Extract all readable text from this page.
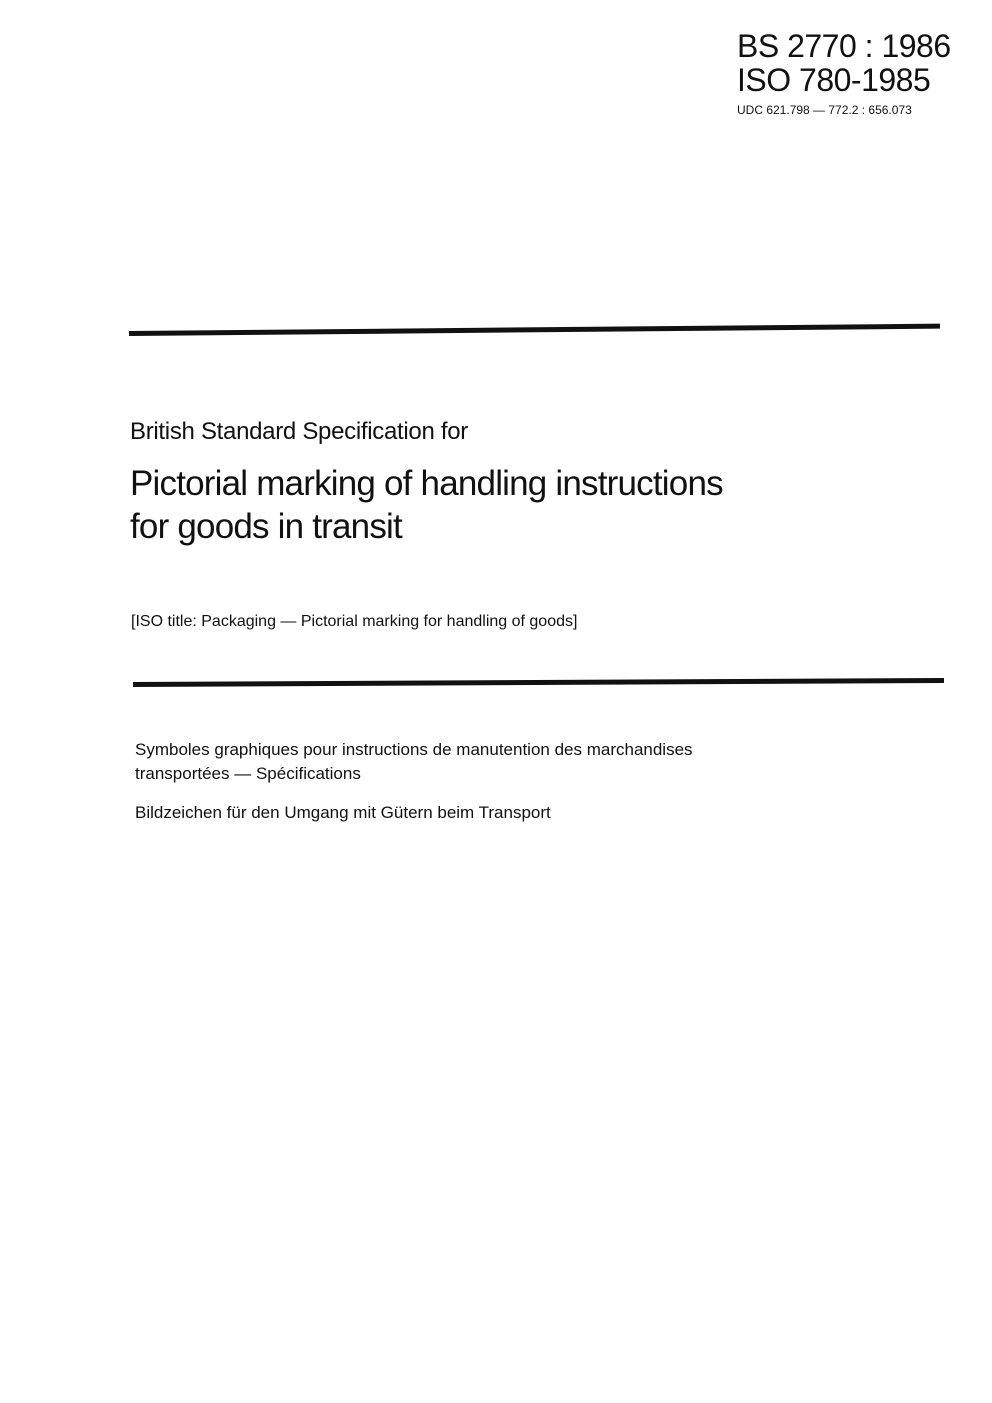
BS 2770 : 1986
ISO 780-1985
UDC 621.798 — 772.2 : 656.073
British Standard Specification for
Pictorial marking of handling instructions
for goods in transit
[ISO title: Packaging — Pictorial marking for handling of goods]
Symboles graphiques pour instructions de manutention des marchandises
transportées — Spécifications
Bildzeichen für den Umgang mit Gütern beim Transport
